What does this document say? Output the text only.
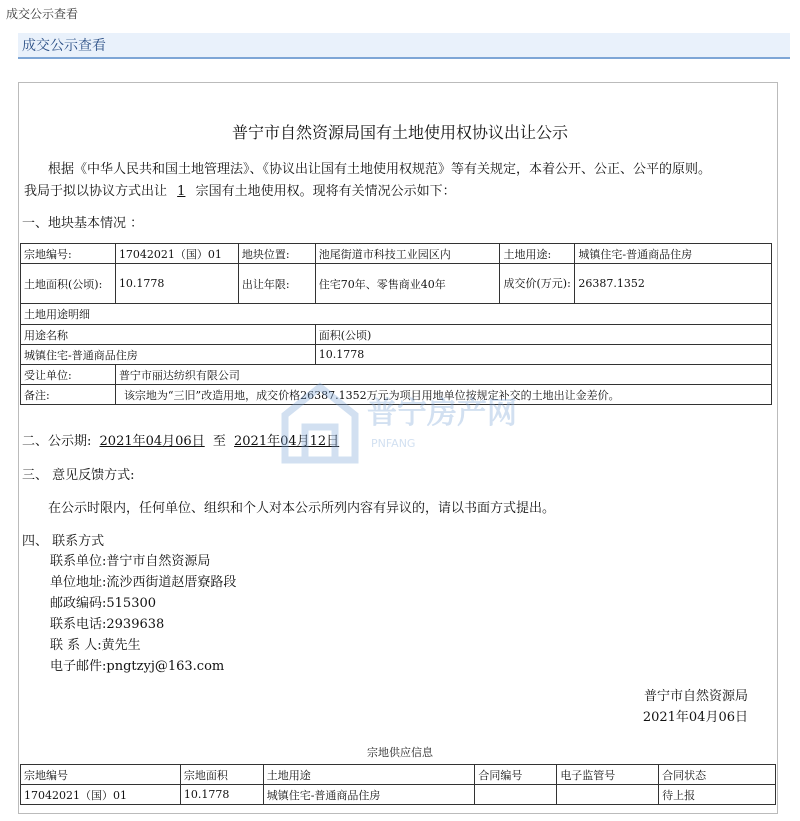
成交公示查看
成交公示查看
普宁市自然资源局国有土地使用权协议出让公示
根据《中华人民共和国土地管理法》、《协议出让国有土地使用权规范》等有关规定，本着公开、公正、公平的原则。
我局于拟以协议方式出让 1 宗国有土地使用权。现将有关情况公示如下：
一、地块基本情况 ：
宗地编号:	17042021（国）01	地块位置:	池尾街道市科技工业园区内	土地用途:	城镇住宅-普通商品住房
土地面积(公顷):	10.1778	出让年限:	住宅70年、零售商业40年	成交价(万元):	26387.1352
土地用途明细					
用途名称			面积(公顷)		
城镇住宅-普通商品住房			10.1778		
受让单位:	普宁市丽达纺织有限公司				
备注:	该宗地为“三旧”改造用地，成交价格26387.1352万元为项目用地单位按规定补交的土地出让金差价。				
二、公示期: 2021年04月06日 至 2021年04月12日
三、 意见反馈方式:
在公示时限内，任何单位、组织和个人对本公示所列内容有异议的，请以书面方式提出。
四、 联系方式
联系单位:普宁市自然资源局
单位地址:流沙西街道赵厝寮路段
邮政编码:515300
联系电话:2939638
联 系 人:黄先生
电子邮件:pngtzyj@163.com
普宁市自然资源局
2021年04月06日
宗地供应信息
宗地编号	宗地面积	土地用途	合同编号	电子监管号	合同状态
17042021（国）01	10.1778	城镇住宅-普通商品住房			待上报
普宁房产网
PNFANG
